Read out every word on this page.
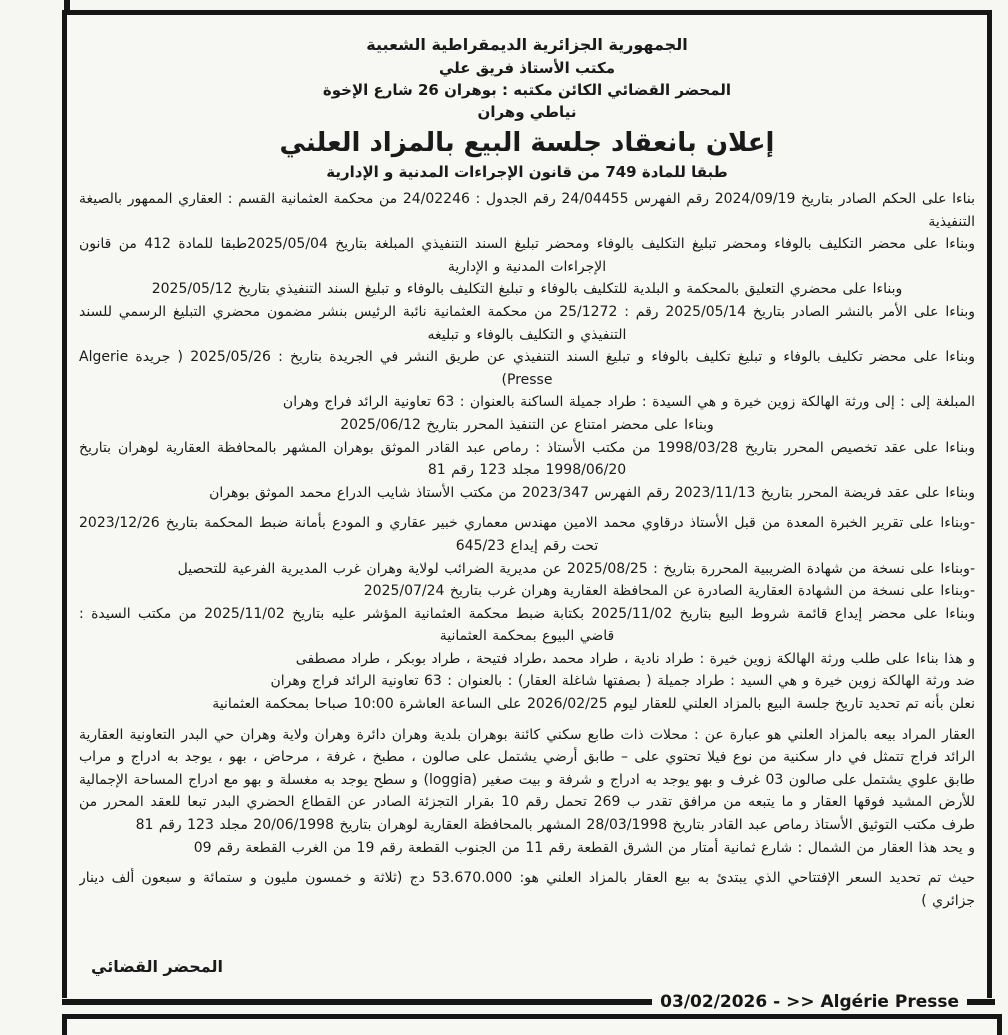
الجمهورية الجزائرية الديمقراطية الشعبية
مكتب الأستاذ فريق علي
المحضر القضائي الكائن مكتبه : بوهران 26 شارع الإخوة
نياطي وهران
إعلان بانعقاد جلسة البيع بالمزاد العلني
طبقا للمادة 749 من قانون الإجراءات المدنية و الإدارية

بناءا على الحكم الصادر بتاريخ 2024/09/19 رقم الفهرس 24/04455 رقم الجدول : 24/02246 من محكمة العثمانية القسم : العقاري الممهور بالصيغة التنفيذية

وبناءا على محضر التكليف بالوفاء ومحضر تبليغ التكليف بالوفاء ومحضر تبليغ السند التنفيذي المبلغة بتاريخ 2025/05/04طبقا للمادة 412 من قانون الإجراءات المدنية و الإدارية

وبناءا على محضري التعليق بالمحكمة و البلدية للتكليف بالوفاء و تبليغ التكليف بالوفاء و تبليغ السند التنفيذي بتاريخ 2025/05/12

وبناءا على الأمر بالنشر الصادر بتاريخ 2025/05/14 رقم : 25/1272 من محكمة العثمانية نائبة الرئيس بنشر مضمون محضري التبليغ الرسمي للسند التنفيذي و التكليف بالوفاء و تبليغه

وبناءا على محضر تكليف بالوفاء و تبليغ تكليف بالوفاء و تبليغ السند التنفيذي عن طريق النشر في الجريدة بتاريخ : 2025/05/26 ( جريدة Algerie Presse)

المبلغة إلى : إلى ورثة الهالكة زوين خيرة و هي السيدة : طراد جميلة الساكنة بالعنوان : 63 تعاونية الرائد فراج وهران

وبناءا على محضر امتناع عن التنفيذ المحرر بتاريخ 2025/06/12

وبناءا على عقد تخصيص المحرر بتاريخ 1998/03/28 من مكتب الأستاذ : رماص عبد القادر الموثق بوهران المشهر بالمحافظة العقارية لوهران بتاريخ 1998/06/20 مجلد 123 رقم 81

وبناءا على عقد فريضة المحرر بتاريخ 2023/11/13 رقم الفهرس 2023/347 من مكتب الأستاذ شايب الدراع محمد الموثق بوهران

-وبناءا على تقرير الخبرة المعدة من قبل الأستاذ درقاوي محمد الامين مهندس معماري خبير عقاري و المودع بأمانة ضبط المحكمة بتاريخ 2023/12/26 تحت رقم إيداع 645/23

-وبناءا على نسخة من شهادة الضريبية المحررة بتاريخ : 2025/08/25 عن مديرية الضرائب لولاية وهران غرب المديرية الفرعية للتحصيل

-وبناءا على نسخة من الشهادة العقارية الصادرة عن المحافظة العقارية وهران غرب بتاريخ 2025/07/24

وبناءا على محضر إيداع قائمة شروط البيع بتاريخ 2025/11/02 بكتابة ضبط محكمة العثمانية المؤشر عليه بتاريخ 2025/11/02 من مكتب السيدة : قاضي البيوع بمحكمة العثمانية

و هذا بناءا على طلب ورثة الهالكة زوين خيرة : طراد نادية ، طراد محمد ،طراد فتيحة ، طراد بوبكر ، طراد مصطفى

ضد ورثة الهالكة زوين خيرة و هي السيد : طراد جميلة ( بصفتها شاغلة العقار) : بالعنوان : 63 تعاونية الرائد فراج وهران

نعلن بأنه تم تحديد تاريخ جلسة البيع بالمزاد العلني للعقار ليوم 2026/02/25 على الساعة العاشرة 10:00 صباحا بمحكمة العثمانية

العقار المراد بيعه بالمزاد العلني هو عبارة عن : محلات ذات طابع سكني كائنة بوهران بلدية وهران دائرة وهران ولاية وهران حي البدر التعاونية العقارية الرائد فراج تتمثل في دار سكنية من نوع فيلا تحتوي على – طابق أرضي يشتمل على صالون ، مطبخ ، غرفة ، مرحاض ، بهو ، يوجد به ادراج و مراب طابق علوي يشتمل على صالون 03 غرف و بهو يوجد به ادراج و شرفة و بيت صغير (loggia) و سطح يوجد به مغسلة و بهو مع ادراج المساحة الإجمالية للأرض المشيد فوقها العقار و ما يتبعه من مرافق تقدر ب 269 تحمل رقم 10 بقرار التجزئة الصادر عن القطاع الحضري البدر تبعا للعقد المحرر من طرف مكتب التوثيق الأستاذ رماص عبد القادر بتاريخ 28/03/1998 المشهر بالمحافظة العقارية لوهران بتاريخ 20/06/1998 مجلد 123 رقم 81

و يحد هذا العقار من الشمال : شارع ثمانية أمتار من الشرق القطعة رقم 11 من الجنوب القطعة رقم 19 من الغرب القطعة رقم 09

حيث تم تحديد السعر الإفتتاحي الذي يبتدئ به بيع العقار بالمزاد العلني هو: 53.670.000 دج (ثلاثة و خمسون مليون و ستمائة و سبعون ألف دينار جزائري )

المحضر القضائي
03/02/2026 - >> Algérie Presse
